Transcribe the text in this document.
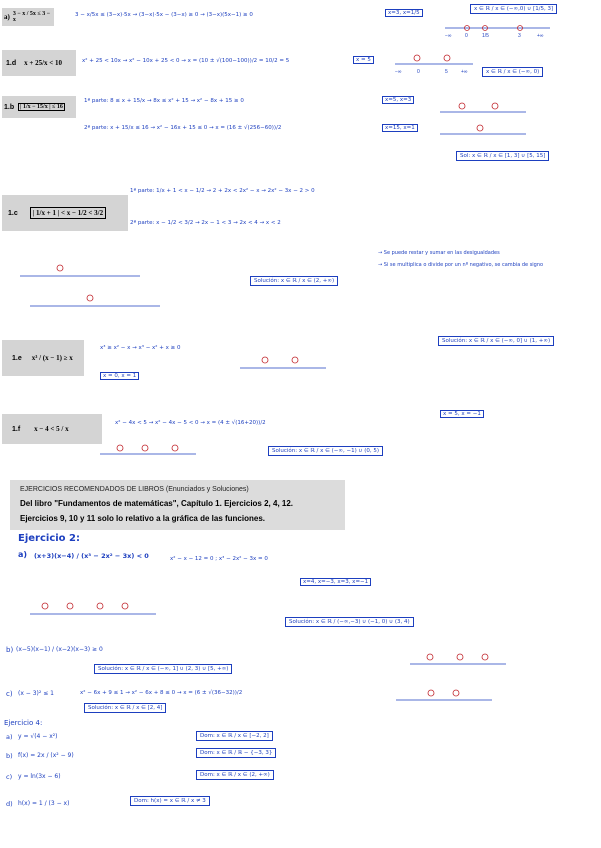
a) 3 − x / 5x ≤ 3 − x
3 − x/5x ≤ (3−x)·5x → (3−x)·5x − (3−x) ≥ 0 → (3−x)(5x−1) ≥ 0	x=3, x=1/5
x ∈ ℝ / x ∈ (−∞,0) ∪ [1/5, 3]
−∞	0	1/5	3	+∞
1.d x + 25/x < 10	x² + 25 < 10x → x² − 10x + 25 < 0 → x = (10 ± √(100−100))/2 = 10/2 = 5	x = 5
−∞	0	5	+∞	x ∈ ℝ / x ∈ (−∞, 0)
1.b	| 1/x − 15/x | ≤ 16
1ª parte: 8 ≤ x + 15/x → 8x ≤ x² + 15 → x² − 8x + 15 ≥ 0
2ª parte: x + 15/x ≤ 16 → x² − 16x + 15 ≤ 0 → x = (16 ± √(256−60))/2
x=5, x=3
x=15, x=1
Sol: x ∈ ℝ / x ∈ [1, 3] ∪ [5, 15]
1.c	| 1/x + 1 | < x − 1/2 < 3/2
1ª parte: 1/x + 1 < x − 1/2 → 2 + 2x < 2x² − x → 2x² − 3x − 2 > 0
2ª parte: x − 1/2 < 3/2 → 2x − 1 < 3 → 2x < 4 → x < 2
→ Se puede restar y sumar en las desigualdades
→ Si se multiplica o divide por un nº negativo, se cambia de signo
Solución: x ∈ ℝ / x ∈ (2, +∞)
1.e x³ / (x − 1) ≥ x
x³ ≥ x² − x → x³ − x² + x ≥ 0
x = 0, x = 1
Solución: x ∈ ℝ / x ∈ (−∞, 0] ∪ (1, +∞)
1.f x − 4 < 5 / x
x² − 4x < 5 → x² − 4x − 5 < 0 → x = (4 ± √(16+20))/2
x = 5, x = −1
Solución: x ∈ ℝ / x ∈ (−∞, −1) ∪ (0, 5)
EJERCICIOS RECOMENDADOS DE LIBROS (Enunciados y Soluciones)
Del libro "Fundamentos de matemáticas", Capítulo 1. Ejercicios 2, 4, 12.
Ejercicios 9, 10 y 11 solo lo relativo a la gráfica de las funciones.
Ejercicio 2:
a) (x+3)(x−4) / (x³ − 2x² − 3x) < 0	x² − x − 12 = 0 ; x³ − 2x² − 3x = 0
x=4, x=−3, x=3, x=−1
Solución: x ∈ ℝ / (−∞,−3) ∪ (−1, 0) ∪ (3, 4)
b) (x−5)(x−1) / (x−2)(x−3) ≥ 0
Solución: x ∈ ℝ / x ∈ (−∞, 1] ∪ (2, 3) ∪ [5, +∞)
c) (x − 3)² ≤ 1	x² − 6x + 9 ≤ 1 → x² − 6x + 8 ≤ 0 → x = (6 ± √(36−32))/2
Solución: x ∈ ℝ / x ∈ [2, 4]
Ejercicio 4:
a) y = √(4 − x²)	Dom: x ∈ ℝ / x ∈ [−2, 2]
b) f(x) = 2x / (x² − 9)	Dom: x ∈ ℝ / ℝ − {−3, 3}
c) y = ln(3x − 6)	Dom: x ∈ ℝ / x ∈ (2, +∞)
d) h(x) = 1 / (3 − x)	Dom: h(x) = x ∈ ℝ / x ≠ 3
